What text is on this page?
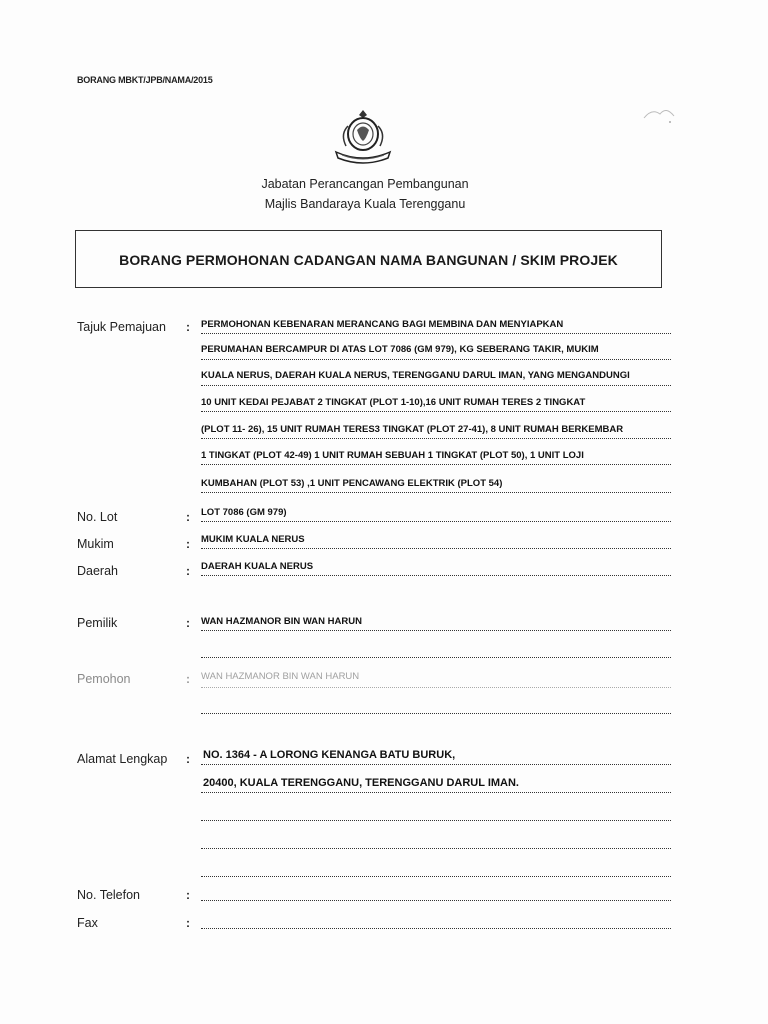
BORANG MBKT/JPB/NAMA/2015
Jabatan Perancangan Pembangunan
Majlis Bandaraya Kuala Terengganu
BORANG PERMOHONAN CADANGAN NAMA BANGUNAN / SKIM PROJEK
Tajuk Pemajuan : PERMOHONAN KEBENARAN MERANCANG BAGI MEMBINA DAN MENYIAPKAN
PERUMAHAN BERCAMPUR DI ATAS LOT 7086 (GM 979), KG SEBERANG TAKIR, MUKIM
KUALA NERUS, DAERAH KUALA NERUS, TERENGGANU DARUL IMAN, YANG MENGANDUNGI
10 UNIT KEDAI PEJABAT 2 TINGKAT (PLOT 1-10),16 UNIT RUMAH TERES 2 TINGKAT
(PLOT 11- 26), 15 UNIT RUMAH TERES3 TINGKAT (PLOT 27-41), 8 UNIT RUMAH BERKEMBAR
1 TINGKAT (PLOT 42-49) 1 UNIT RUMAH SEBUAH 1 TINGKAT (PLOT 50), 1 UNIT LOJI
KUMBAHAN (PLOT 53) ,1 UNIT PENCAWANG ELEKTRIK (PLOT 54)
No. Lot	: LOT 7086 (GM 979)
Mukim	: MUKIM KUALA NERUS
Daerah	: DAERAH KUALA NERUS
Pemilik	: WAN HAZMANOR BIN WAN HARUN
Pemohon	: WAN HAZMANOR BIN WAN HARUN
Alamat Lengkap : NO. 1364 - A LORONG KENANGA BATU BURUK,
20400, KUALA TERENGGANU, TERENGGANU DARUL IMAN.
No. Telefon	:
Fax	:
